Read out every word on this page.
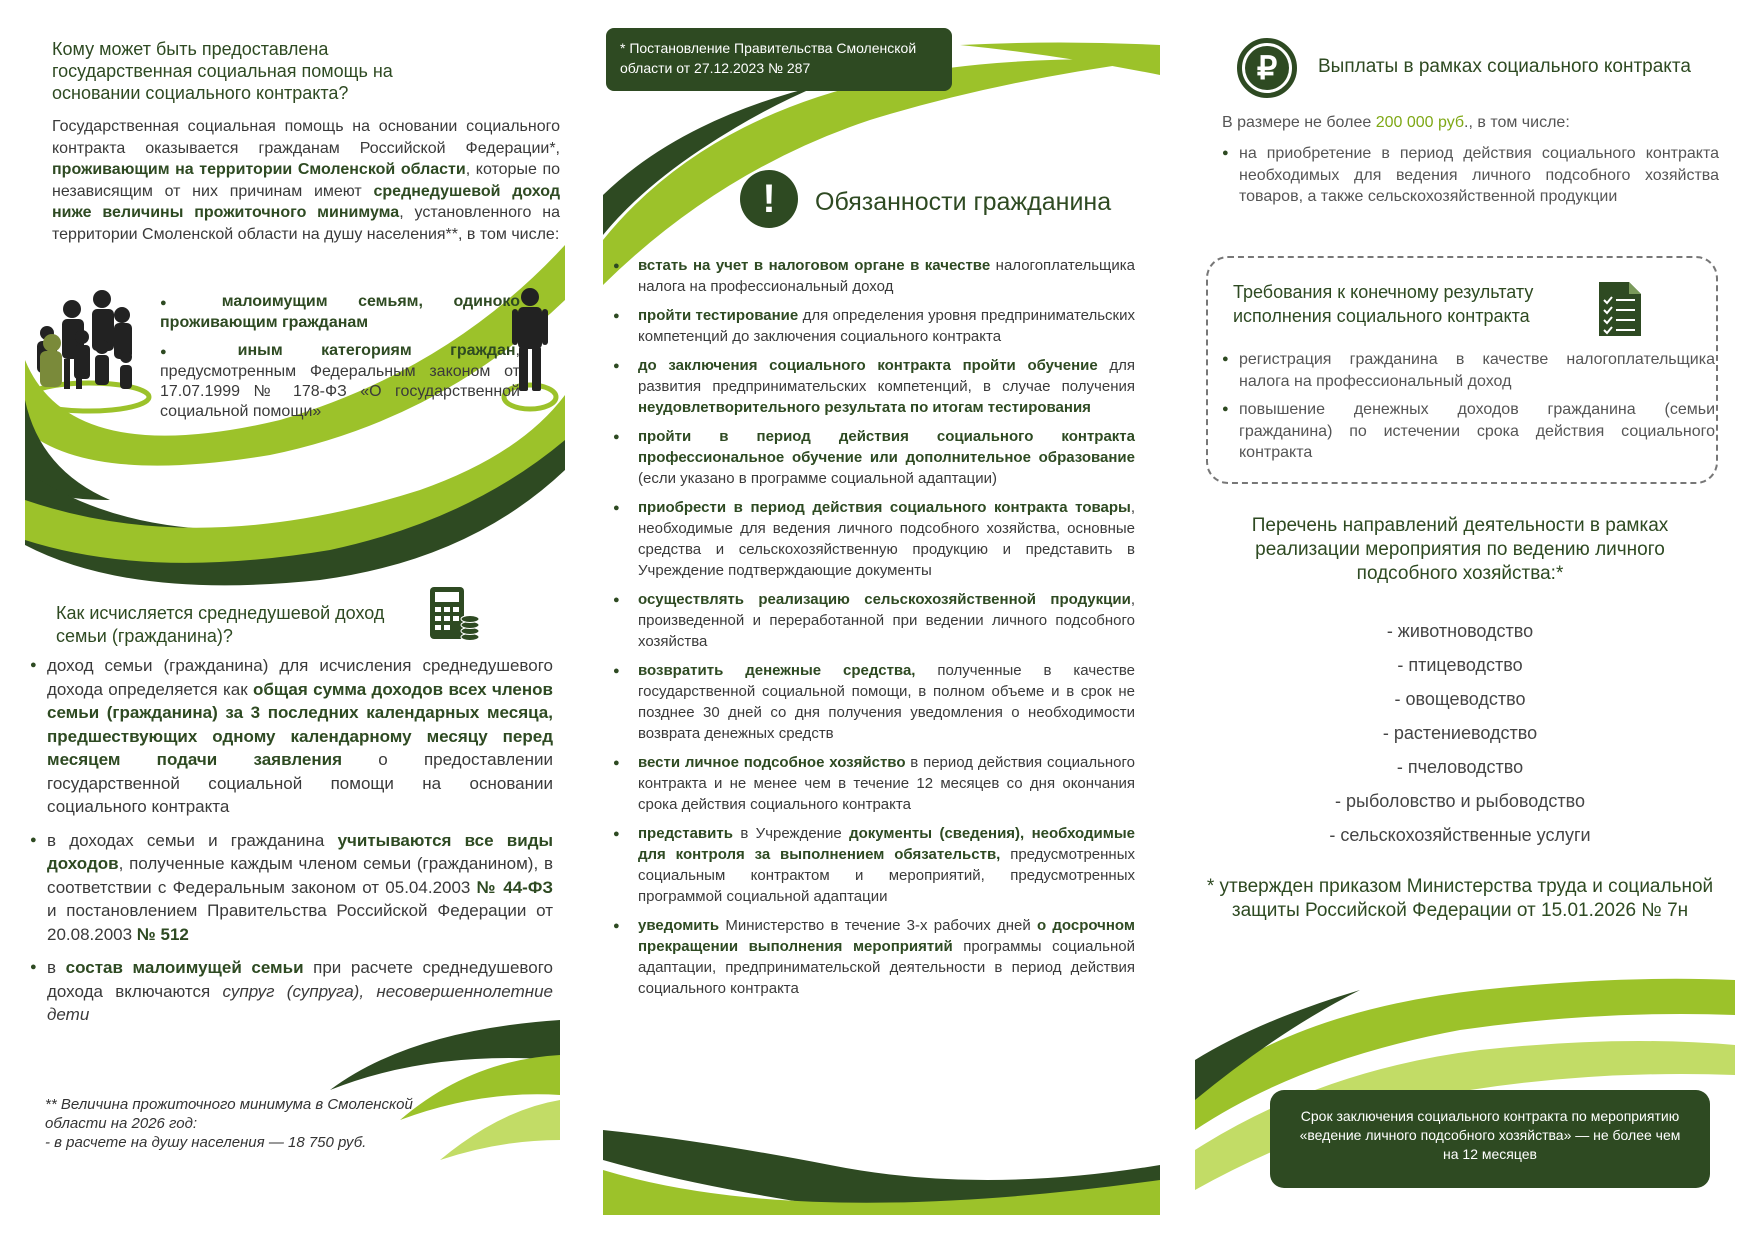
Кому может быть предоставлена государственная социальная помощь на основании социального контракта?
Государственная социальная помощь на основании социального контракта оказывается гражданам Российской Федерации*, проживающим на территории Смоленской области, которые по независящим от них причинам имеют среднедушевой доход ниже величины прожиточного минимума, установленного на территории Смоленской области на душу населения**, в том числе:
● малоимущим семьям, одиноко проживающим гражданам
● иным категориям граждан, предусмотренным Федеральным законом от 17.07.1999 № 178-ФЗ «О государственной социальной помощи»
Как исчисляется среднедушевой доход семьи (гражданина)?
● доход семьи (гражданина) для исчисления среднедушевого дохода определяется как общая сумма доходов всех членов семьи (гражданина) за 3 последних календарных месяца, предшествующих одному календарному месяцу перед месяцем подачи заявления о предоставлении государственной социальной помощи на основании социального контракта
● в доходах семьи и гражданина учитываются все виды доходов, полученные каждым членом семьи (гражданином), в соответствии с Федеральным законом от 05.04.2003 № 44-ФЗ и постановлением Правительства Российской Федерации от 20.08.2003 № 512
● в состав малоимущей семьи при расчете среднедушевого дохода включаются супруг (супруга), несовершеннолетние дети
** Величина прожиточного минимума в Смоленской области на 2026 год:
- в расчете на душу населения — 18 750 руб.
* Постановление Правительства Смоленской области от 27.12.2023 № 287
!	Обязанности гражданина
● встать на учет в налоговом органе в качестве налогоплательщика налога на профессиональный доход
● пройти тестирование для определения уровня предпринимательских компетенций до заключения социального контракта
● до заключения социального контракта пройти обучение для развития предпринимательских компетенций, в случае получения неудовлетворительного результата по итогам тестирования
● пройти в период действия социального контракта профессиональное обучение или дополнительное образование (если указано в программе социальной адаптации)
● приобрести в период действия социального контракта товары, необходимые для ведения личного подсобного хозяйства, основные средства и сельскохозяйственную продукцию и представить в Учреждение подтверждающие документы
● осуществлять реализацию сельскохозяйственной продукции, произведенной и переработанной при ведении личного подсобного хозяйства
● возвратить денежные средства, полученные в качестве государственной социальной помощи, в полном объеме и в срок не позднее 30 дней со дня получения уведомления о необходимости возврата денежных средств
● вести личное подсобное хозяйство в период действия социального контракта и не менее чем в течение 12 месяцев со дня окончания срока действия социального контракта
● представить в Учреждение документы (сведения), необходимые для контроля за выполнением обязательств, предусмотренных социальным контрактом и мероприятий, предусмотренных программой социальной адаптации
● уведомить Министерство в течение 3-х рабочих дней о досрочном прекращении выполнения мероприятий программы социальной адаптации, предпринимательской деятельности в период действия социального контракта
₽	Выплаты в рамках социального контракта
В размере не более 200 000 руб., в том числе:
● на приобретение в период действия социального контракта необходимых для ведения личного подсобного хозяйства товаров, а также сельскохозяйственной продукции
Требования к конечному результату исполнения социального контракта
● регистрация гражданина в качестве налогоплательщика налога на профессиональный доход
● повышение денежных доходов гражданина (семьи гражданина) по истечении срока действия социального контракта
Перечень направлений деятельности в рамках реализации мероприятия по ведению личного подсобного хозяйства:*
- животноводство
- птицеводство
- овощеводство
- растениеводство
- пчеловодство
- рыболовство и рыбоводство
- сельскохозяйственные услуги
* утвержден приказом Министерства труда и социальной защиты Российской Федерации от 15.01.2026 № 7н
Срок заключения социального контракта по мероприятию «ведение личного подсобного хозяйства» — не более чем на 12 месяцев
